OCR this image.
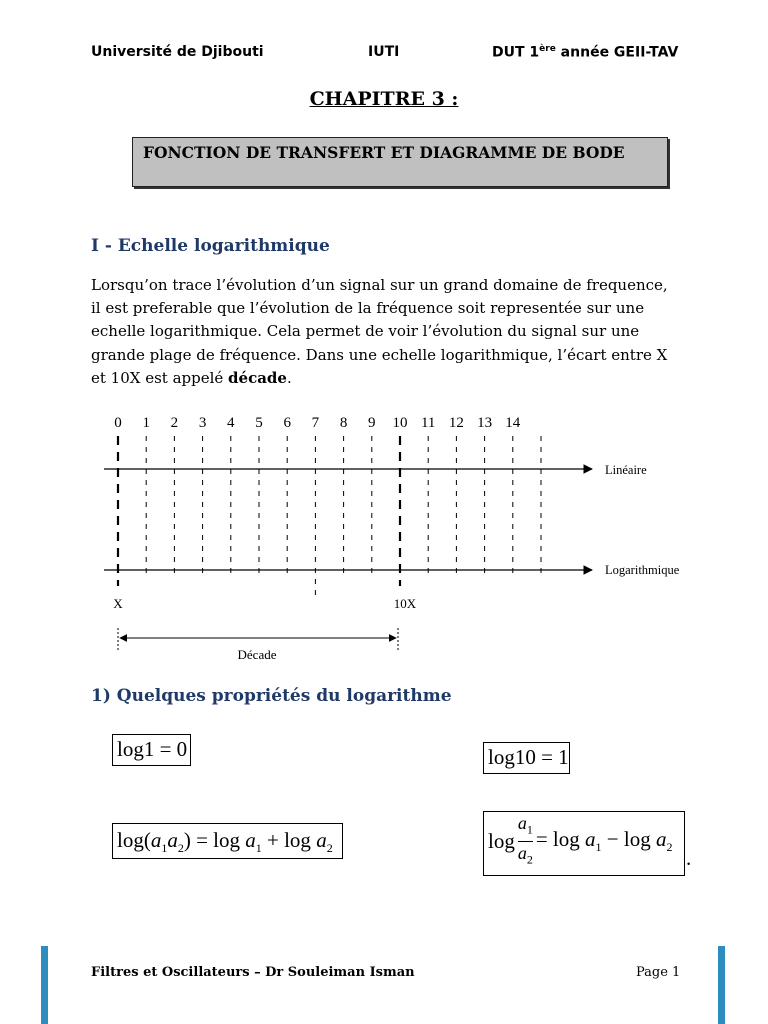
Université de Djibouti	IUTI	DUT 1ère année GEII-TAV
CHAPITRE 3 :
FONCTION DE TRANSFERT ET DIAGRAMME DE BODE
I - Echelle logarithmique
Lorsqu’on trace l’évolution d’un signal sur un grand domaine de frequence,
il est preferable que l’évolution de la fréquence soit representée sur une
echelle logarithmique. Cela permet de voir l’évolution du signal sur une
grande plage de fréquence. Dans une echelle logarithmique, l’écart entre X
et 10X est appelé décade.
0 1 2 3 4 5 6 7 8 9 10 11 12 13 14
Linéaire
Logarithmique
X	10X
Décade
1) Quelques propriétés du logarithme
log1 = 0	log10 = 1
$\log(a_1a_2) = \log a_1 + \log a_2$	$\log \frac{a_1}{a_2} = \log a_1 - \log a_2$ .
Filtres et Oscillateurs – Dr Souleiman Isman	Page 1
